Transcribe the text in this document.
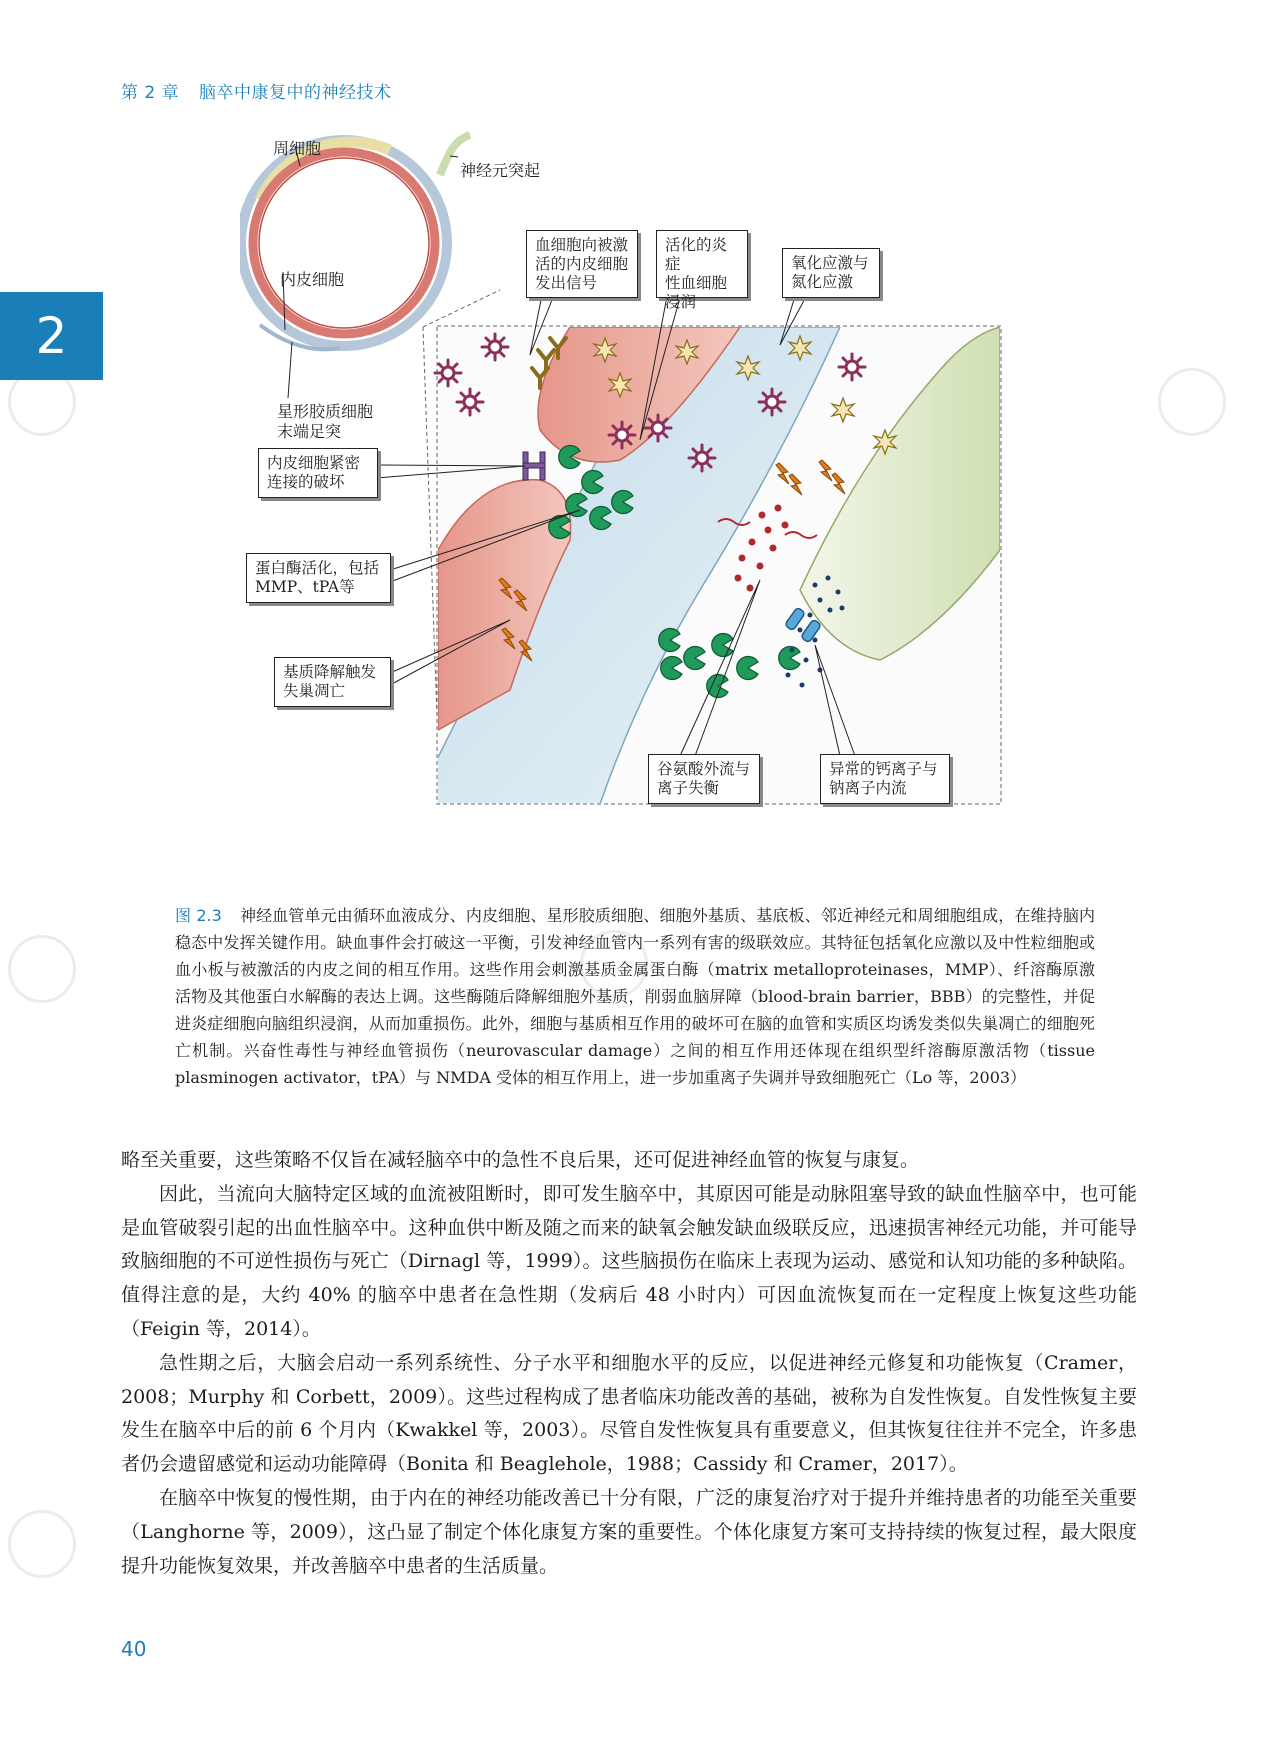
第 2 章 脑卒中康复中的神经技术
2
周细胞
神经元突起
内皮细胞
星形胶质细胞
末端足突
血细胞向被激
活的内皮细胞
发出信号
活化的炎症
性血细胞
浸润
氧化应激与
氮化应激
内皮细胞紧密
连接的破坏
蛋白酶活化，包括
MMP、tPA等
基质降解触发
失巢凋亡
谷氨酸外流与
离子失衡
异常的钙离子与
钠离子内流
图 2.3 神经血管单元由循环血液成分、内皮细胞、星形胶质细胞、细胞外基质、基底板、邻近神经元和周细胞组成，在维持脑内稳态中发挥关键作用。缺血事件会打破这一平衡，引发神经血管内一系列有害的级联效应。其特征包括氧化应激以及中性粒细胞或血小板与被激活的内皮之间的相互作用。这些作用会刺激基质金属蛋白酶（matrix metalloproteinases，MMP）、纤溶酶原激活物及其他蛋白水解酶的表达上调。这些酶随后降解细胞外基质，削弱血脑屏障（blood-brain barrier，BBB）的完整性，并促进炎症细胞向脑组织浸润，从而加重损伤。此外，细胞与基质相互作用的破坏可在脑的血管和实质区均诱发类似失巢凋亡的细胞死亡机制。兴奋性毒性与神经血管损伤（neurovascular damage）之间的相互作用还体现在组织型纤溶酶原激活物（tissue plasminogen activator，tPA）与 NMDA 受体的相互作用上，进一步加重离子失调并导致细胞死亡（Lo 等，2003）

略至关重要，这些策略不仅旨在减轻脑卒中的急性不良后果，还可促进神经血管的恢复与康复。

因此，当流向大脑特定区域的血流被阻断时，即可发生脑卒中，其原因可能是动脉阻塞导致的缺血性脑卒中，也可能是血管破裂引起的出血性脑卒中。这种血供中断及随之而来的缺氧会触发缺血级联反应，迅速损害神经元功能，并可能导致脑细胞的不可逆性损伤与死亡（Dirnagl 等，1999）。这些脑损伤在临床上表现为运动、感觉和认知功能的多种缺陷。值得注意的是，大约 40% 的脑卒中患者在急性期（发病后 48 小时内）可因血流恢复而在一定程度上恢复这些功能（Feigin 等，2014）。

急性期之后，大脑会启动一系列系统性、分子水平和细胞水平的反应，以促进神经元修复和功能恢复（Cramer，2008；Murphy 和 Corbett，2009）。这些过程构成了患者临床功能改善的基础，被称为自发性恢复。自发性恢复主要发生在脑卒中后的前 6 个月内（Kwakkel 等，2003）。尽管自发性恢复具有重要意义，但其恢复往往并不完全，许多患者仍会遗留感觉和运动功能障碍（Bonita 和 Beaglehole，1988；Cassidy 和 Cramer，2017）。

在脑卒中恢复的慢性期，由于内在的神经功能改善已十分有限，广泛的康复治疗对于提升并维持患者的功能至关重要（Langhorne 等，2009），这凸显了制定个体化康复方案的重要性。个体化康复方案可支持持续的恢复过程，最大限度提升功能恢复效果，并改善脑卒中患者的生活质量。

40
